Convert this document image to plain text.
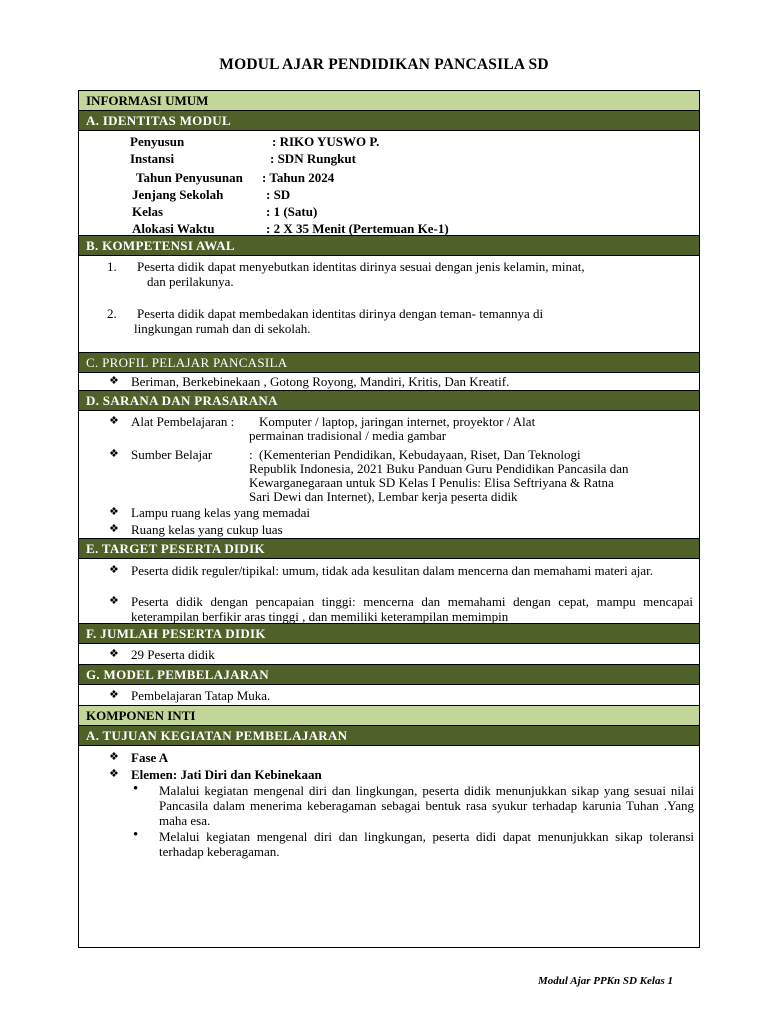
MODUL AJAR PENDIDIKAN PANCASILA SD
INFORMASI UMUM
A. IDENTITAS MODUL
Penyusun	: RIKO YUSWO P.
Instansi	: SDN Rungkut
Tahun Penyusunan : Tahun 2024
Jenjang Sekolah	: SD
Kelas	: 1 (Satu)
Alokasi Waktu	: 2 X 35 Menit (Pertemuan Ke-1)
B. KOMPETENSI AWAL
1. Peserta didik dapat menyebutkan identitas dirinya sesuai dengan jenis kelamin, minat,
dan perilakunya.
2. Peserta didik dapat membedakan identitas dirinya dengan teman- temannya di
lingkungan rumah dan di sekolah.
C. PROFIL PELAJAR PANCASILA
❖ Beriman, Berkebinekaan , Gotong Royong, Mandiri, Kritis, Dan Kreatif.
D. SARANA DAN PRASARANA
❖ Alat Pembelajaran : Komputer / laptop, jaringan internet, proyektor / Alat
permainan tradisional / media gambar
❖ Sumber Belajar	: (Kementerian Pendidikan, Kebudayaan, Riset, Dan Teknologi
Republik Indonesia, 2021 Buku Panduan Guru Pendidikan Pancasila dan
Kewarganegaraan untuk SD Kelas I Penulis: Elisa Seftriyana & Ratna
Sari Dewi dan Internet), Lembar kerja peserta didik
❖ Lampu ruang kelas yang memadai
❖ Ruang kelas yang cukup luas
E. TARGET PESERTA DIDIK
❖ Peserta didik reguler/tipikal: umum, tidak ada kesulitan dalam mencerna dan memahami materi ajar.
❖ Peserta didik dengan pencapaian tinggi: mencerna dan memahami dengan cepat, mampu mencapai keterampilan berfikir aras tinggi , dan memiliki keterampilan memimpin
F. JUMLAH PESERTA DIDIK
❖ 29 Peserta didik
G. MODEL PEMBELAJARAN
❖ Pembelajaran Tatap Muka.
KOMPONEN INTI
A. TUJUAN KEGIATAN PEMBELAJARAN
❖ Fase A
❖ Elemen: Jati Diri dan Kebinekaan
• Malalui kegiatan mengenal diri dan lingkungan, peserta didik menunjukkan sikap yang sesuai nilai Pancasila dalam menerima keberagaman sebagai bentuk rasa syukur terhadap karunia Tuhan .Yang maha esa.
• Melalui kegiatan mengenal diri dan lingkungan, peserta didi dapat menunjukkan sikap toleransi terhadap keberagaman.
Modul Ajar PPKn SD Kelas 1
